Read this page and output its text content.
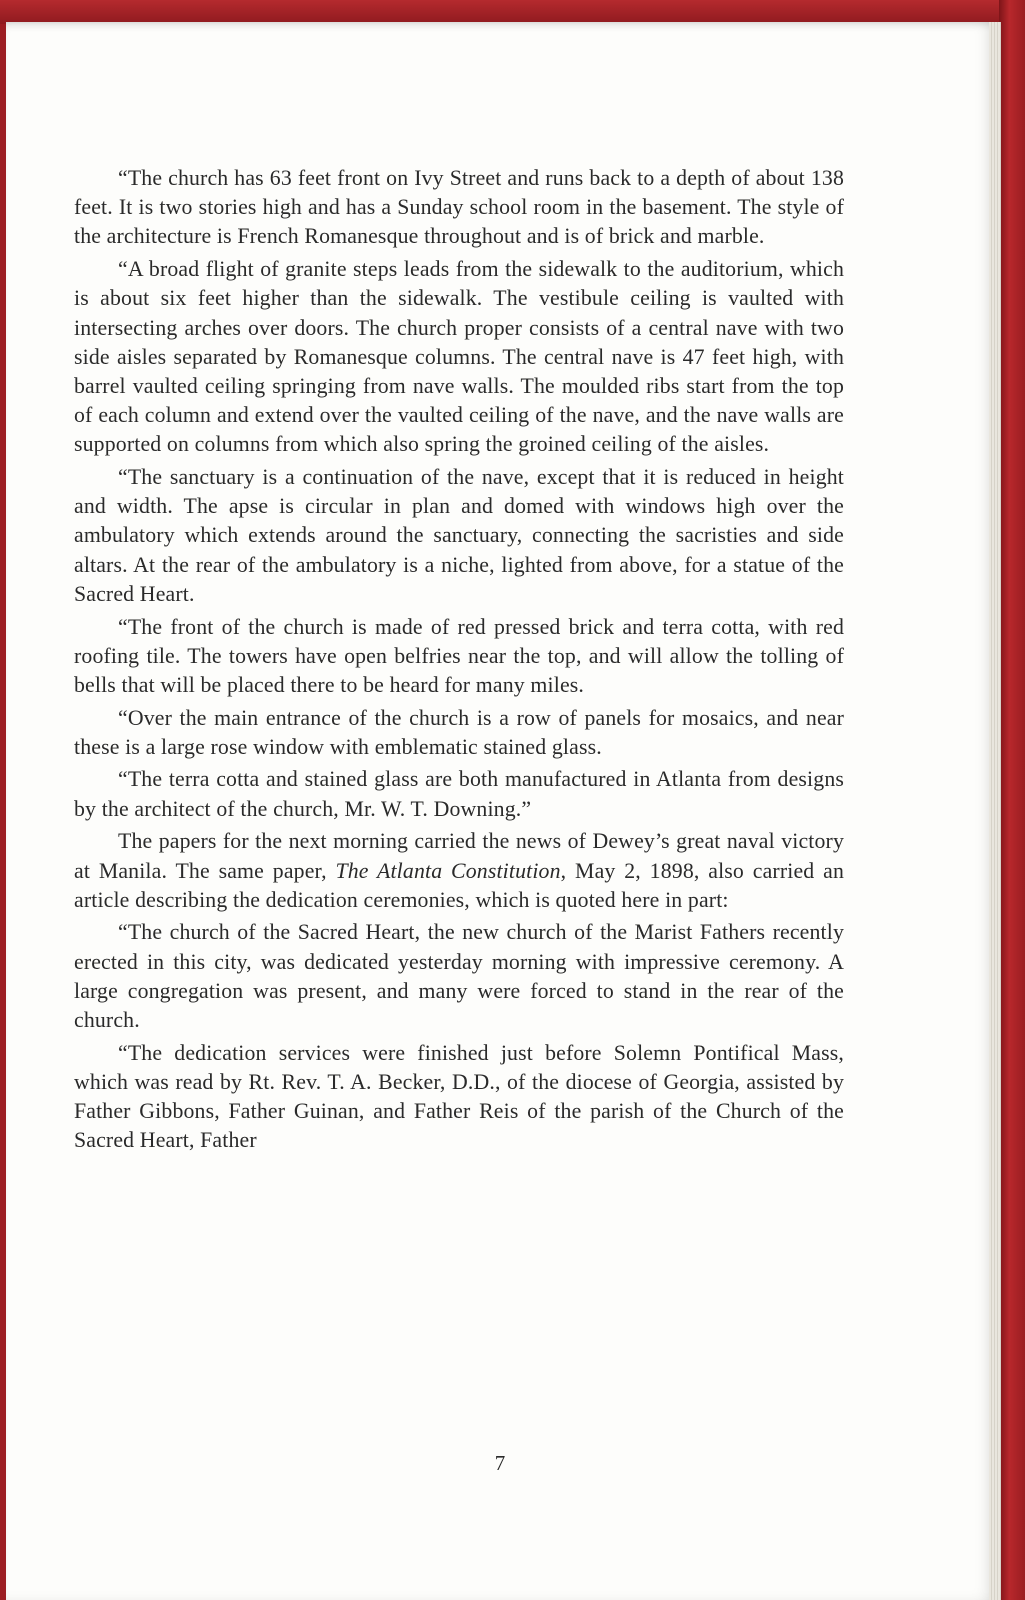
“The church has 63 feet front on Ivy Street and runs back to a depth of about 138 feet. It is two stories high and has a Sunday school room in the basement. The style of the architecture is French Romanesque throughout and is of brick and marble.

“A broad flight of granite steps leads from the sidewalk to the auditorium, which is about six feet higher than the sidewalk. The vestibule ceiling is vaulted with intersecting arches over doors. The church proper consists of a central nave with two side aisles separated by Romanesque columns. The central nave is 47 feet high, with barrel vaulted ceiling springing from nave walls. The moulded ribs start from the top of each column and extend over the vaulted ceiling of the nave, and the nave walls are supported on columns from which also spring the groined ceiling of the aisles.

“The sanctuary is a continuation of the nave, except that it is reduced in height and width. The apse is circular in plan and domed with windows high over the ambulatory which extends around the sanctuary, connecting the sacristies and side altars. At the rear of the ambulatory is a niche, lighted from above, for a statue of the Sacred Heart.

“The front of the church is made of red pressed brick and terra cotta, with red roofing tile. The towers have open belfries near the top, and will allow the tolling of bells that will be placed there to be heard for many miles.

“Over the main entrance of the church is a row of panels for mosaics, and near these is a large rose window with emblematic stained glass.

“The terra cotta and stained glass are both manufactured in Atlanta from designs by the architect of the church, Mr. W. T. Downing.”

The papers for the next morning carried the news of Dewey’s great naval victory at Manila. The same paper, The Atlanta Constitution, May 2, 1898, also carried an article describing the dedication ceremonies, which is quoted here in part:

“The church of the Sacred Heart, the new church of the Marist Fathers recently erected in this city, was dedicated yesterday morning with impressive ceremony. A large congregation was present, and many were forced to stand in the rear of the church.

“The dedication services were finished just before Solemn Pontifical Mass, which was read by Rt. Rev. T. A. Becker, D.D., of the diocese of Georgia, assisted by Father Gibbons, Father Guinan, and Father Reis of the parish of the Church of the Sacred Heart, Father

7
